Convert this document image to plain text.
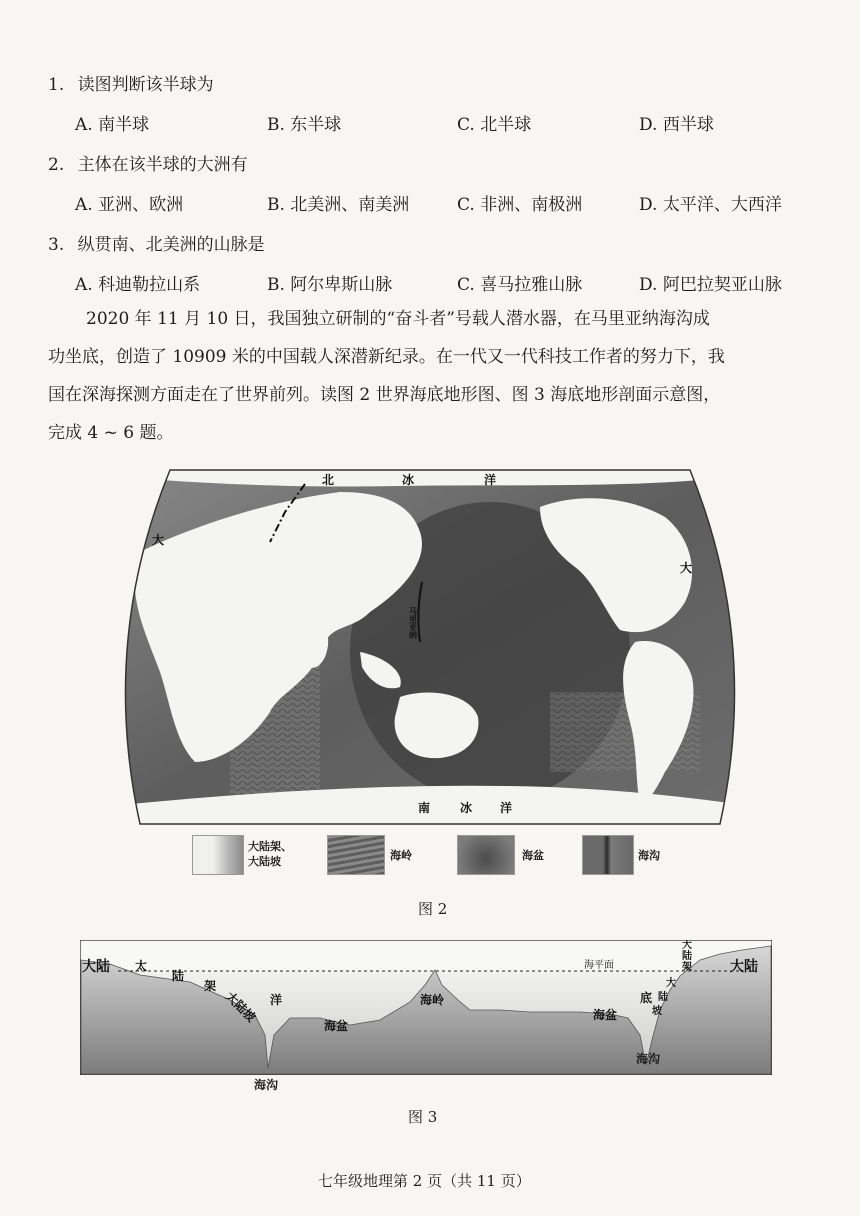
1. 读图判断该半球为
A. 南半球	B. 东半球	C. 北半球	D. 西半球
2. 主体在该半球的大洲有
A. 亚洲、欧洲	B. 北美洲、南美洲	C. 非洲、南极洲	D. 太平洋、大西洋
3. 纵贯南、北美洲的山脉是
A. 科迪勒拉山系	B. 阿尔卑斯山脉	C. 喜马拉雅山脉	D. 阿巴拉契亚山脉
2020 年 11 月 10 日，我国独立研制的“奋斗者”号载人潜水器，在马里亚纳海沟成
功坐底，创造了 10909 米的中国载人深潜新纪录。在一代又一代科技工作者的努力下，我
国在深海探测方面走在了世界前列。读图 2 世界海底地形图、图 3 海底地形剖面示意图，
完成 4 ~ 6 题。
北	冰	洋
大
大
南 冰 洋
马里亚纳
大陆架、
大陆坡	海岭	海盆	海沟
图 2
大陆	大陆
海平面
太
陆
架
大陆坡 洋
海盆
海岭
海盆
底
大
陆
架
大
陆
坡
海沟
海沟
图 3
七年级地理第 2 页（共 11 页）
